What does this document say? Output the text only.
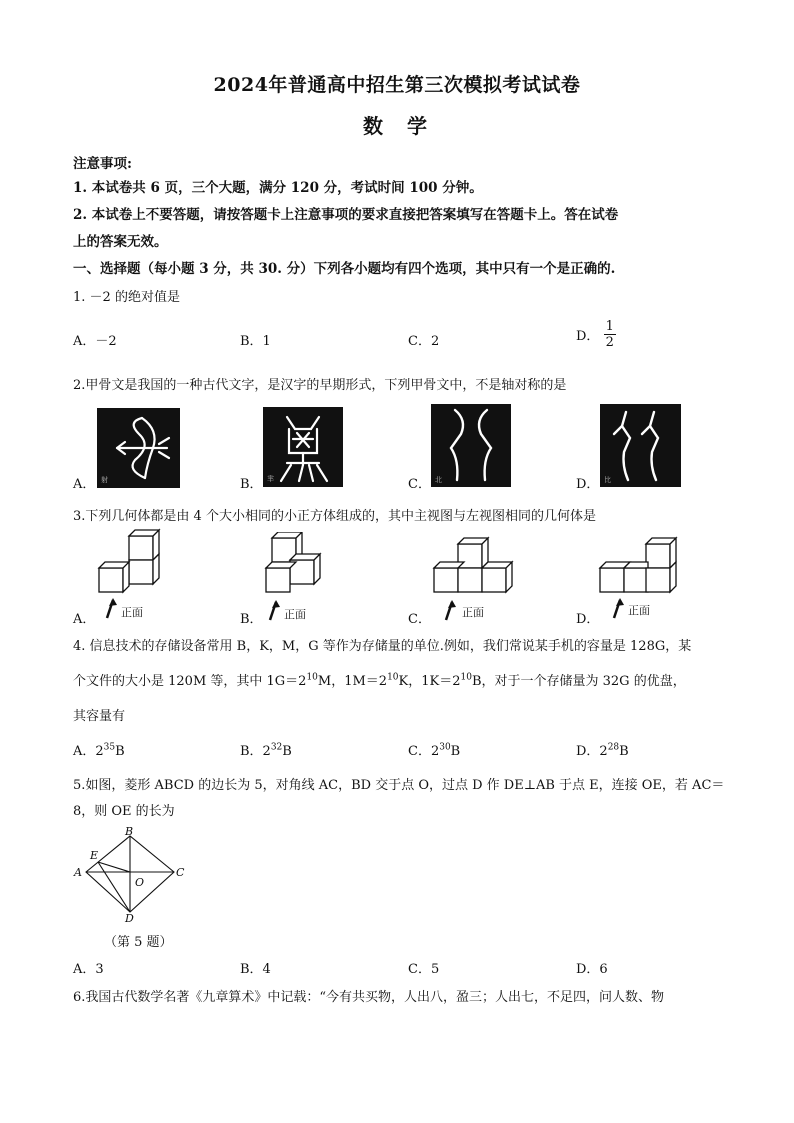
2024年普通高中招生第三次模拟考试试卷
数学
注意事项:
1. 本试卷共 6 页，三个大题，满分 120 分，考试时间 100 分钟。
2. 本试卷上不要答题，请按答题卡上注意事项的要求直接把答案填写在答题卡上。答在试卷
上的答案无效。
一、选择题（每小题 3 分，共 30. 分）下列各小题均有四个选项，其中只有一个是正确的.
1. －2 的绝对值是
A．－2	B．1	C．2	D． $\frac{1}{2}$
2.甲骨文是我国的一种古代文字，是汉字的早期形式，下列甲骨文中，不是轴对称的是
A． 射	B． 芈	C． 北	D． 比
3.下列几何体都是由 4 个大小相同的小正方体组成的，其中主视图与左视图相同的几何体是
A． 正面	B． 正面	C．	正面	D．
正面
4. 信息技术的存储设备常用 B，K，M，G 等作为存储量的单位.例如，我们常说某手机的容量是 128G，某
个文件的大小是 120M 等，其中 $1G=2^{10}M$，$1M=2^{10}K$，$1K=2^{10}B$，对于一个存储量为 32G 的优盘，
其容量有
A．$2^{35}B$	B．$2^{32}B$	C．$2^{30}B$	D．$2^{28}B$
5.如图，菱形 ABCD 的边长为 5，对角线 AC，BD 交于点 O，过点 D 作 DE⊥AB 于点 E，连接 OE，若 AC＝
8，则 OE 的长为
A
B
C
D
E
O
（第 5 题）
A．3	B．4	C．5	D．6
6.我国古代数学名著《九章算术》中记载：“今有共买物，人出八，盈三；人出七，不足四，问人数、物
